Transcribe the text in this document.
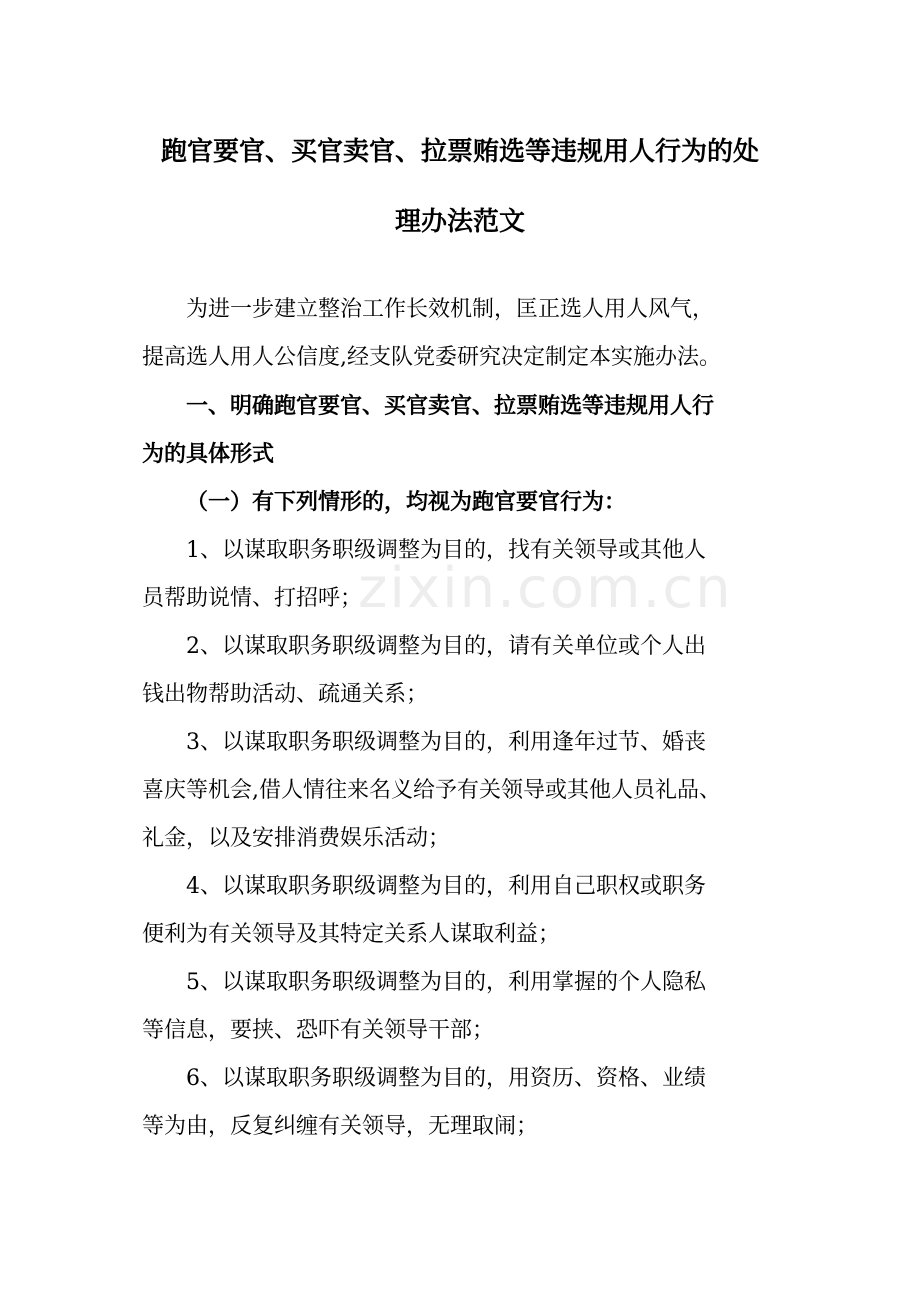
zixin.com.cn
跑官要官、买官卖官、拉票贿选等违规用人行为的处
理办法范文
为进一步建立整治工作长效机制，匡正选人用人风气，
提高选人用人公信度,经支队党委研究决定制定本实施办法。
一、明确跑官要官、买官卖官、拉票贿选等违规用人行
为的具体形式
（一）有下列情形的，均视为跑官要官行为：
1、以谋取职务职级调整为目的，找有关领导或其他人
员帮助说情、打招呼；
2、以谋取职务职级调整为目的，请有关单位或个人出
钱出物帮助活动、疏通关系；
3、以谋取职务职级调整为目的，利用逢年过节、婚丧
喜庆等机会,借人情往来名义给予有关领导或其他人员礼品、
礼金，以及安排消费娱乐活动；
4、以谋取职务职级调整为目的，利用自己职权或职务
便利为有关领导及其特定关系人谋取利益；
5、以谋取职务职级调整为目的，利用掌握的个人隐私
等信息，要挟、恐吓有关领导干部；
6、以谋取职务职级调整为目的，用资历、资格、业绩
等为由，反复纠缠有关领导，无理取闹；
